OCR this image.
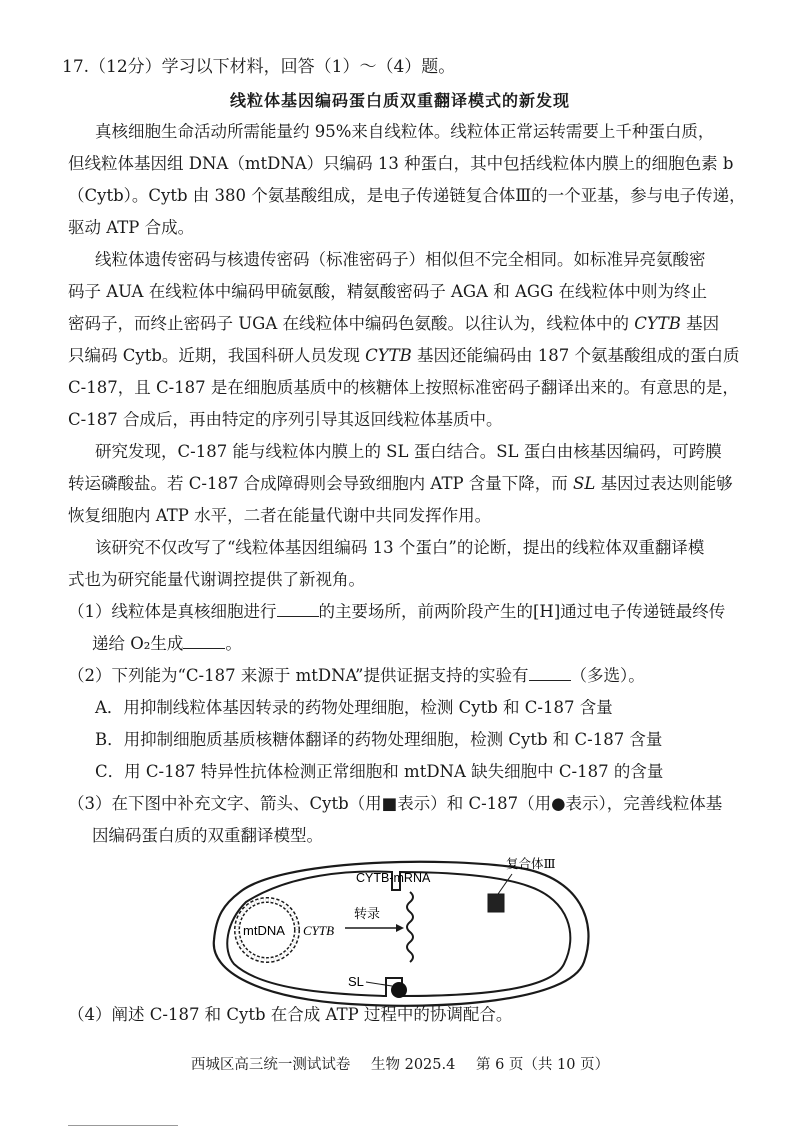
17.（12分）学习以下材料，回答（1）～（4）题。
线粒体基因编码蛋白质双重翻译模式的新发现
真核细胞生命活动所需能量约 95%来自线粒体。线粒体正常运转需要上千种蛋白质，
但线粒体基因组 DNA（mtDNA）只编码 13 种蛋白，其中包括线粒体内膜上的细胞色素 b
（Cytb）。Cytb 由 380 个氨基酸组成，是电子传递链复合体Ⅲ的一个亚基，参与电子传递，
驱动 ATP 合成。
线粒体遗传密码与核遗传密码（标准密码子）相似但不完全相同。如标准异亮氨酸密
码子 AUA 在线粒体中编码甲硫氨酸，精氨酸密码子 AGA 和 AGG 在线粒体中则为终止
密码子，而终止密码子 UGA 在线粒体中编码色氨酸。以往认为，线粒体中的 CYTB 基因
只编码 Cytb。近期，我国科研人员发现 CYTB 基因还能编码由 187 个氨基酸组成的蛋白质
C-187，且 C-187 是在细胞质基质中的核糖体上按照标准密码子翻译出来的。有意思的是，
C-187 合成后，再由特定的序列引导其返回线粒体基质中。
研究发现，C-187 能与线粒体内膜上的 SL 蛋白结合。SL 蛋白由核基因编码，可跨膜
转运磷酸盐。若 C-187 合成障碍则会导致细胞内 ATP 含量下降，而 SL 基因过表达则能够
恢复细胞内 ATP 水平，二者在能量代谢中共同发挥作用。
该研究不仅改写了“线粒体基因组编码 13 个蛋白”的论断，提出的线粒体双重翻译模
式也为研究能量代谢调控提供了新视角。
（1）线粒体是真核细胞进行	的主要场所，前两阶段产生的[H]通过电子传递链最终传
递给 O₂生成	。
（2）下列能为“C-187 来源于 mtDNA”提供证据支持的实验有	（多选）。
A．用抑制线粒体基因转录的药物处理细胞，检测 Cytb 和 C-187 含量
B．用抑制细胞质基质核糖体翻译的药物处理细胞，检测 Cytb 和 C-187 含量
C．用 C-187 特异性抗体检测正常细胞和 mtDNA 缺失细胞中 C-187 的含量
（3）在下图中补充文字、箭头、Cytb（用■表示）和 C-187（用●表示），完善线粒体基
因编码蛋白质的双重翻译模型。
mtDNA CYTB
转录
CYTB-mRNA
复合体Ⅲ
SL
（4）阐述 C-187 和 Cytb 在合成 ATP 过程中的协调配合。
西城区高三统一测试试卷 生物 2025.4 第 6 页（共 10 页）
